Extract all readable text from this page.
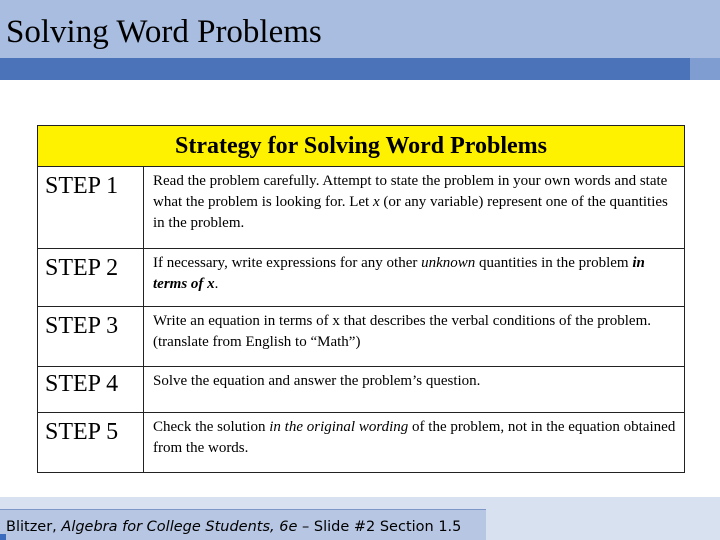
Solving Word Problems
Strategy for Solving Word Problems	
STEP 1	Read the problem carefully. Attempt to state the problem in your own words and state what the problem is looking for. Let x (or any variable) represent one of the quantities in the problem.
STEP 2	If necessary, write expressions for any other unknown quantities in the problem in terms of x.
STEP 3	Write an equation in terms of x that describes the verbal conditions of the problem. (translate from English to “Math”)
STEP 4	Solve the equation and answer the problem’s question.
STEP 5	Check the solution in the original wording of the problem, not in the equation obtained from the words.
Blitzer, Algebra for College Students, 6e – Slide #2 Section 1.5
